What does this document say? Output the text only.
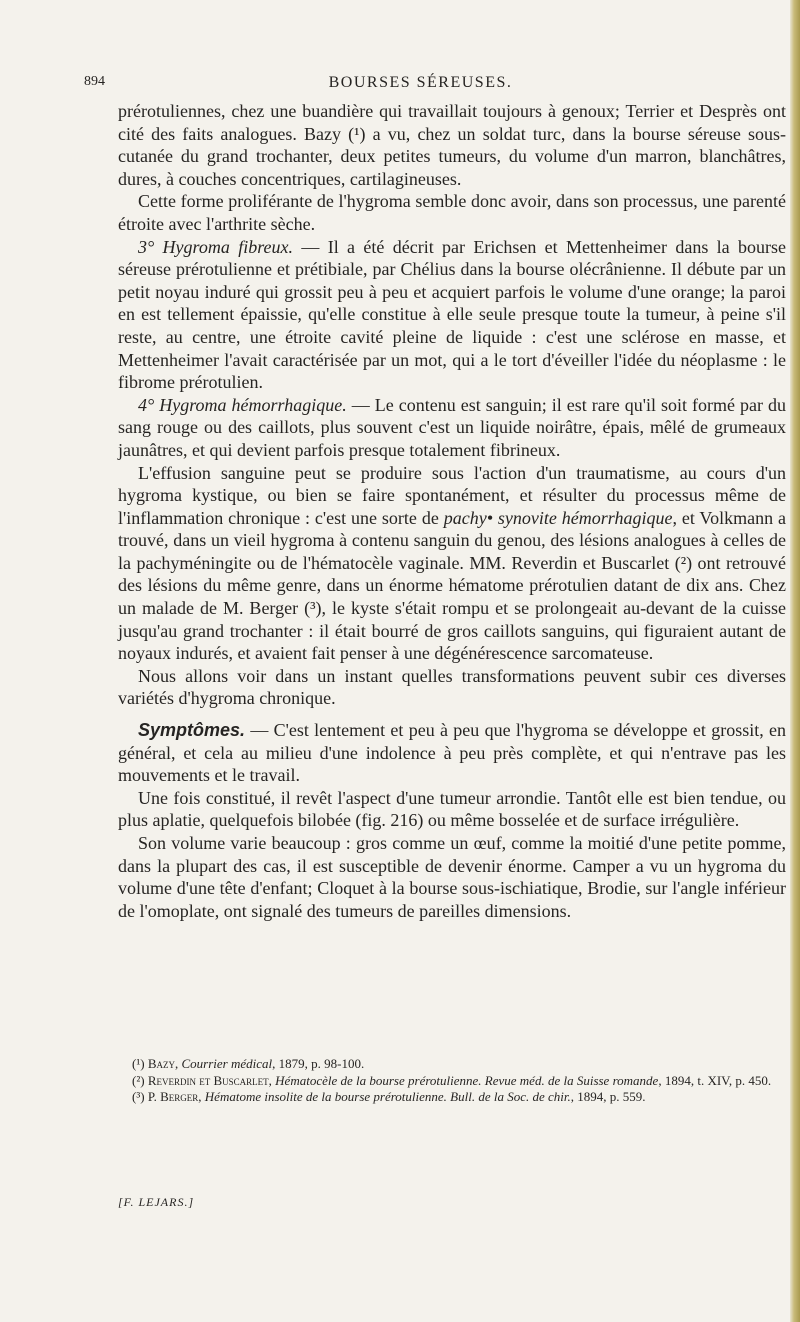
894	BOURSES SÉREUSES.

prérotuliennes, chez une buandière qui travaillait toujours à genoux; Terrier et Desprès ont cité des faits analogues. Bazy (¹) a vu, chez un soldat turc, dans la bourse séreuse sous-cutanée du grand trochanter, deux petites tumeurs, du volume d'un marron, blanchâtres, dures, à couches concentriques, cartilagineuses.

Cette forme proliférante de l'hygroma semble donc avoir, dans son processus, une parenté étroite avec l'arthrite sèche.

3° Hygroma fibreux. — Il a été décrit par Erichsen et Mettenheimer dans la bourse séreuse prérotulienne et prétibiale, par Chélius dans la bourse olécrânienne. Il débute par un petit noyau induré qui grossit peu à peu et acquiert parfois le volume d'une orange; la paroi en est tellement épaissie, qu'elle constitue à elle seule presque toute la tumeur, à peine s'il reste, au centre, une étroite cavité pleine de liquide : c'est une sclérose en masse, et Mettenheimer l'avait caractérisée par un mot, qui a le tort d'éveiller l'idée du néoplasme : le fibrome prérotulien.

4° Hygroma hémorrhagique. — Le contenu est sanguin; il est rare qu'il soit formé par du sang rouge ou des caillots, plus souvent c'est un liquide noirâtre, épais, mêlé de grumeaux jaunâtres, et qui devient parfois presque totalement fibrineux.

L'effusion sanguine peut se produire sous l'action d'un traumatisme, au cours d'un hygroma kystique, ou bien se faire spontanément, et résulter du processus même de l'inflammation chronique : c'est une sorte de pachy• synovite hémorrhagique, et Volkmann a trouvé, dans un vieil hygroma à contenu sanguin du genou, des lésions analogues à celles de la pachyméningite ou de l'hématocèle vaginale. MM. Reverdin et Buscarlet (²) ont retrouvé des lésions du même genre, dans un énorme hématome prérotulien datant de dix ans. Chez un malade de M. Berger (³), le kyste s'était rompu et se prolongeait au-devant de la cuisse jusqu'au grand trochanter : il était bourré de gros caillots sanguins, qui figuraient autant de noyaux indurés, et avaient fait penser à une dégénérescence sarcomateuse.

Nous allons voir dans un instant quelles transformations peuvent subir ces diverses variétés d'hygroma chronique.

Symptômes. — C'est lentement et peu à peu que l'hygroma se développe et grossit, en général, et cela au milieu d'une indolence à peu près complète, et qui n'entrave pas les mouvements et le travail.

Une fois constitué, il revêt l'aspect d'une tumeur arrondie. Tantôt elle est bien tendue, ou plus aplatie, quelquefois bilobée (fig. 216) ou même bosselée et de surface irrégulière.

Son volume varie beaucoup : gros comme un œuf, comme la moitié d'une petite pomme, dans la plupart des cas, il est susceptible de devenir énorme. Camper a vu un hygroma du volume d'une tête d'enfant; Cloquet à la bourse sous-ischiatique, Brodie, sur l'angle inférieur de l'omoplate, ont signalé des tumeurs de pareilles dimensions.

(¹) Bazy, Courrier médical, 1879, p. 98-100.

(²) Reverdin et Buscarlet, Hématocèle de la bourse prérotulienne. Revue méd. de la Suisse romande, 1894, t. XIV, p. 450.

(³) P. Berger, Hématome insolite de la bourse prérotulienne. Bull. de la Soc. de chir., 1894, p. 559.

[F. LEJARS.]
